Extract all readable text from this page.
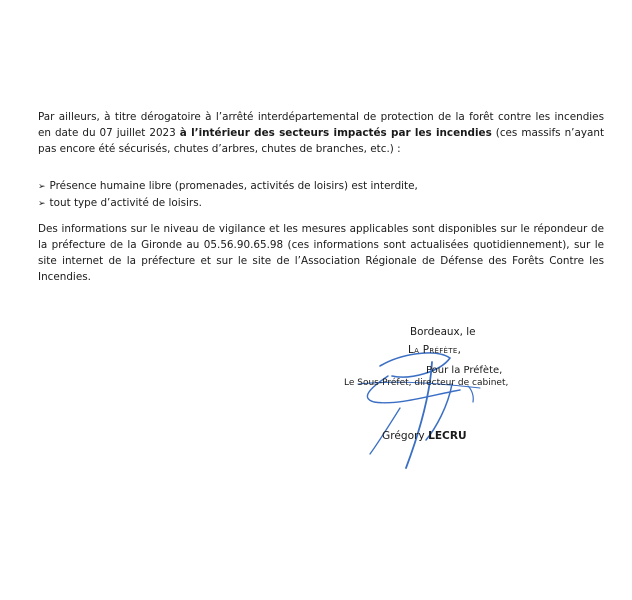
Par ailleurs, à titre dérogatoire à l’arrêté interdépartemental de protection de la forêt contre les incendies en date du 07 juillet 2023 à l’intérieur des secteurs impactés par les incendies (ces massifs n’ayant pas encore été sécurisés, chutes d’arbres, chutes de branches, etc.) :

➢ Présence humaine libre (promenades, activités de loisirs) est interdite,
➢ tout type d’activité de loisirs.

Des informations sur le niveau de vigilance et les mesures applicables sont disponibles sur le répondeur de la préfecture de la Gironde au 05.56.90.65.98 (ces informations sont actualisées quotidiennement), sur le site internet de la préfecture et sur le site de l’Association Régionale de Défense des Forêts Contre les Incendies.

Bordeaux, le
La Préfète,
Pour la Préfète,
Le Sous-Préfet, directeur de cabinet,
Grégory LECRU
